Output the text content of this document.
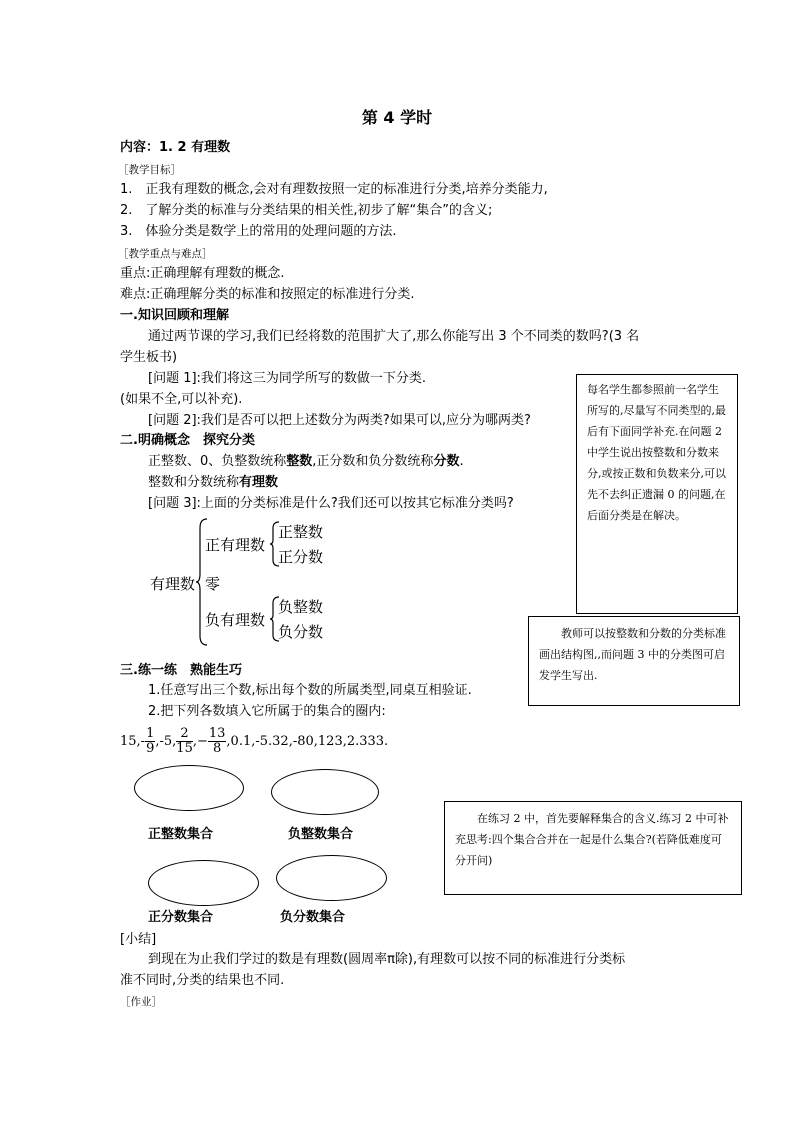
第 4 学时
内容：1. 2 有理数
［教学目标］
1.　正我有理数的概念,会对有理数按照一定的标准进行分类,培养分类能力,
2.　了解分类的标准与分类结果的相关性,初步了解“集合”的含义;
3.　体验分类是数学上的常用的处理问题的方法.
［教学重点与难点］
重点:正确理解有理数的概念.
难点:正确理解分类的标准和按照定的标准进行分类.
一.知识回顾和理解
通过两节课的学习,我们已经将数的范围扩大了,那么你能写出 3 个不同类的数吗?(3 名
学生板书)
[问题 1]:我们将这三为同学所写的数做一下分类.
(如果不全,可以补充).
[问题 2]:我们是否可以把上述数分为两类?如果可以,应分为哪两类?
二.明确概念　探究分类
正整数、0、负整数统称整数,正分数和负分数统称分数.
整数和分数统称有理数
[问题 3]:上面的分类标准是什么?我们还可以按其它标准分类吗?
有理数
正有理数
正整数
正分数
零
负有理数
负整数
负分数
三.练一练　熟能生巧
1.任意写出三个数,标出每个数的所属类型,同桌互相验证.
2.把下列各数填入它所属于的集合的圈内:
$15,- \frac{1}{9} ,-5$, $\frac{2}{15}$ ,− $\frac{13}{8} ,0.1,-5.32,-80,123,2.333$.
正整数集合	负整数集合
正分数集合	负分数集合
[小结]
到现在为止我们学过的数是有理数(圆周率π除),有理数可以按不同的标准进行分类标
准不同时,分类的结果也不同.
［作业］
每名学生都参照前一名学生所写的,尽量写不同类型的,最后有下面同学补充.在问题 2 中学生说出按整数和分数来分,或按正数和负数来分,可以先不去纠正遗漏 0 的问题,在后面分类是在解决。
教师可以按整数和分数的分类标准画出结构图,,而问题 3 中的分类图可启发学生写出.
在练习 2 中，首先要解释集合的含义.练习 2 中可补充思考:四个集合合并在一起是什么集合?(若降低难度可分开问)
